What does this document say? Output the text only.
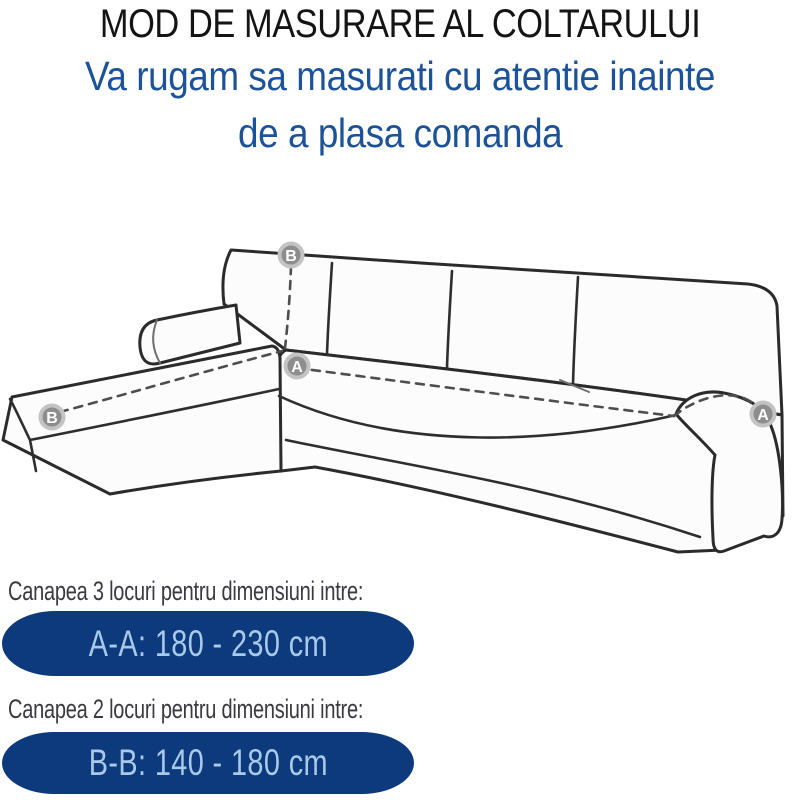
MOD DE MASURARE AL COLTARULUI
Va rugam sa masurati cu atentie inainte
de a plasa comanda
B
A
B	A
Canapea 3 locuri pentru dimensiuni intre:
A-A: 180 - 230 cm
Canapea 2 locuri pentru dimensiuni intre:
B-B: 140 - 180 cm
